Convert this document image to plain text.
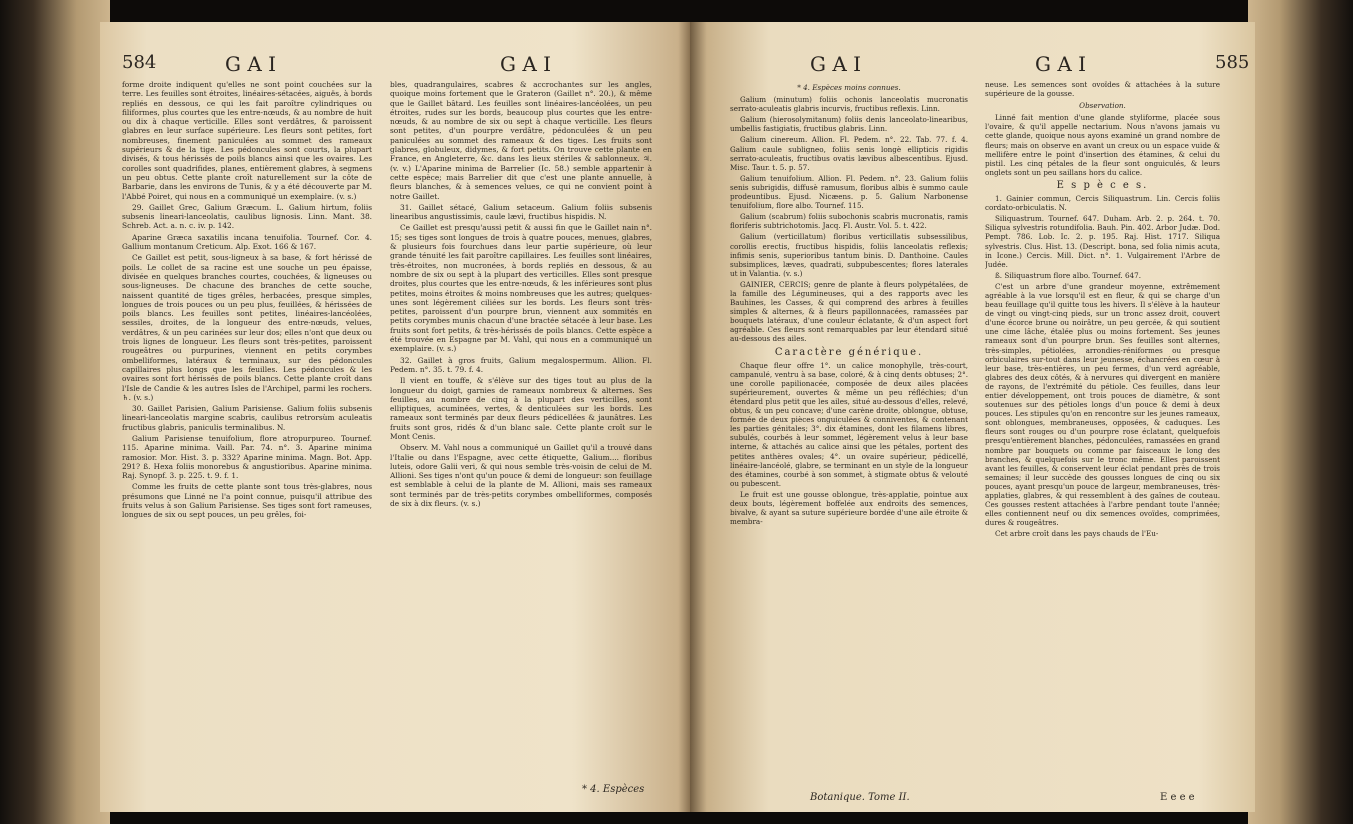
584	G A I	G A I

forme droite indiquent qu'elles ne sont point couchées sur la terre. Les feuilles sont étroites, linéaires-sétacées, aiguës, à bords repliés en dessous, ce qui les fait paroître cylindriques ou filiformes, plus courtes que les entre-nœuds, & au nombre de huit ou dix à chaque verticille. Elles sont verdâtres, & paroissent glabres en leur surface supérieure. Les fleurs sont petites, fort nombreuses, finement paniculées au sommet des rameaux supérieurs & de la tige. Les pédoncules sont courts, la plupart divisés, & tous hérissés de poils blancs ainsi que les ovaires. Les corolles sont quadrifides, planes, entièrement glabres, à segmens un peu obtus. Cette plante croît naturellement sur la côte de Barbarie, dans les environs de Tunis, & y a été découverte par M. l'Abbé Poiret, qui nous en a communiqué un exemplaire. (v. s.)

29. Gaillet Grec, Galium Græcum. L. Galium hirtum, foliis subsenis lineari-lanceolatis, caulibus lignosis. Linn. Mant. 38. Schreb. Act. a. n. c. iv. p. 142.

Aparine Græca saxatilis incana tenuifolia. Tournef. Cor. 4. Gallium montanum Creticum. Alp. Exot. 166 & 167.

Ce Gaillet est petit, sous-ligneux à sa base, & fort hérissé de poils. Le collet de sa racine est une souche un peu épaisse, divisée en quelques branches courtes, couchées, & ligneuses ou sous-ligneuses. De chacune des branches de cette souche, naissent quantité de tiges grêles, herbacées, presque simples, longues de trois pouces ou un peu plus, feuillées, & hérissées de poils blancs. Les feuilles sont petites, linéaires-lancéolées, sessiles, droites, de la longueur des entre-nœuds, velues, verdâtres, & un peu carinées sur leur dos; elles n'ont que deux ou trois lignes de longueur. Les fleurs sont très-petites, paroissent rougeâtres ou purpurines, viennent en petits corymbes ombelliformes, latéraux & terminaux, sur des pédoncules capillaires plus longs que les feuilles. Les pédoncules & les ovaires sont fort hérissés de poils blancs. Cette plante croît dans l'Isle de Candie & les autres Isles de l'Archipel, parmi les rochers. ♄. (v. s.)

30. Gaillet Parisien, Galium Parisiense. Galium foliis subsenis lineari-lanceolatis margine scabris, caulibus retrorsùm aculeatis fructibus glabris, paniculis terminalibus. N.

Galium Parisiense tenuifolium, flore atropurpureo. Tournef. 115. Aparine minima. Vaill. Par. 74. n°. 3. Aparine minima ramosior. Mor. Hist. 3. p. 332? Aparine minima. Magn. Bot. App. 291? ß. Hexa foliis monorebus & angustioribus. Aparine minima. Raj. Synopf. 3. p. 225. t. 9. f. 1.

Comme les fruits de cette plante sont tous très-glabres, nous présumons que Linné ne l'a point connue, puisqu'il attribue des fruits velus à son Galium Parisiense. Ses tiges sont fort rameuses, longues de six ou sept pouces, un peu grêles, foi-

bles, quadrangulaires, scabres & accrochantes sur les angles, quoique moins fortement que le Grateron (Gaillet n°. 20.), & même que le Gaillet bâtard. Les feuilles sont linéaires-lancéolées, un peu étroites, rudes sur les bords, beaucoup plus courtes que les entre-nœuds, & au nombre de six ou sept à chaque verticille. Les fleurs sont petites, d'un pourpre verdâtre, pédonculées & un peu paniculées au sommet des rameaux & des tiges. Les fruits sont glabres, globuleux, didymes, & fort petits. On trouve cette plante en France, en Angleterre, &c. dans les lieux stériles & sablonneux. ♃. (v. v.) L'Aparine minima de Barrelier (Ic. 58.) semble appartenir à cette espèce; mais Barrelier dit que c'est une plante annuelle, à fleurs blanches, & à semences velues, ce qui ne convient point à notre Gaillet.

31. Gaillet sétacé, Galium setaceum. Galium foliis subsenis linearibus angustissimis, caule lævi, fructibus hispidis. N.

Ce Gaillet est presqu'aussi petit & aussi fin que le Gaillet nain n°. 15; ses tiges sont longues de trois à quatre pouces, menues, glabres, & plusieurs fois fourchues dans leur partie supérieure, où leur grande ténuité les fait paroître capillaires. Les feuilles sont linéaires, très-étroites, non mucronées, à bords repliés en dessous, & au nombre de six ou sept à la plupart des verticilles. Elles sont presque droites, plus courtes que les entre-nœuds, & les inférieures sont plus petites, moins étroites & moins nombreuses que les autres; quelques-unes sont légèrement ciliées sur les bords. Les fleurs sont très-petites, paroissent d'un pourpre brun, viennent aux sommités en petits corymbes munis chacun d'une bractée sétacée à leur base. Les fruits sont fort petits, & très-hérissés de poils blancs. Cette espèce a été trouvée en Espagne par M. Vahl, qui nous en a communiqué un exemplaire. (v. s.)

32. Gaillet à gros fruits, Galium megalospermum. Allion. Fl. Pedem. n°. 35. t. 79. f. 4.

Il vient en touffe, & s'élève sur des tiges tout au plus de la longueur du doigt, garnies de rameaux nombreux & alternes. Ses feuilles, au nombre de cinq à la plupart des verticilles, sont elliptiques, acuminées, vertes, & denticulées sur les bords. Les rameaux sont terminés par deux fleurs pédicellées & jaunâtres. Les fruits sont gros, ridés & d'un blanc sale. Cette plante croît sur le Mont Cenis.

Observ. M. Vahl nous a communiqué un Gaillet qu'il a trouvé dans l'Italie ou dans l'Espagne, avec cette étiquette, Galium.... floribus luteis, odore Galii veri, & qui nous semble très-voisin de celui de M. Allioni. Ses tiges n'ont qu'un pouce & demi de longueur: son feuillage est semblable à celui de la plante de M. Allioni, mais ses rameaux sont terminés par de très-petits corymbes ombelliformes, composés de six à dix fleurs. (v. s.)

* 4. Espèces
G A I	G A I	585

* 4. Espèces moins connues.

Galium (minutum) foliis ochonis lanceolatis mucronatis serrato-aculeatis glabris incurvis, fructibus reflexis. Linn.

Galium (hierosolymitanum) foliis denis lanceolato-linearibus, umbellis fastigiatis, fructibus glabris. Linn.

Galium cinereum. Allion. Fl. Pedem. n°. 22. Tab. 77. f. 4. Galium caule subligneo, foliis senis longè ellipticis rigidis serrato-aculeatis, fructibus ovatis lævibus albescentibus. Ejusd. Misc. Taur. t. 5. p. 57.

Galium tenuifolium. Allion. Fl. Pedem. n°. 23. Galium foliis senis subrigidis, diffusè ramusum, floribus albis è summo caule prodeuntibus. Ejusd. Nicæens. p. 5. Galium Narbonense tenuifolium, flore albo. Tournef. 115.

Galium (scabrum) foliis subochonis scabris mucronatis, ramis floriferis subtrichotomis. Jacq. Fl. Austr. Vol. 5. t. 422.

Galium (verticillatum) floribus verticillatis subsessilibus, corollis erectis, fructibus hispidis, foliis lanceolatis reflexis; infimis senis, superioribus tantum binis. D. Danthoine. Caules subsimplices, læves, quadrati, subpubescentes; flores laterales ut in Valantia. (v. s.)

GAINIER, CERCIS; genre de plante à fleurs polypétalées, de la famille des Légumineuses, qui a des rapports avec les Bauhines, les Casses, & qui comprend des arbres à feuilles simples & alternes, & à fleurs papillonnacées, ramassées par bouquets latéraux, d'une couleur éclatante, & d'un aspect fort agréable. Ces fleurs sont remarquables par leur étendard situé au-dessous des ailes.

Caractère générique.

Chaque fleur offre 1°. un calice monophylle, très-court, campanulé, ventru à sa base, coloré, & à cinq dents obtuses; 2°. une corolle papilionacée, composée de deux ailes placées supérieurement, ouvertes & même un peu réfléchies; d'un étendard plus petit que les ailes, situé au-dessous d'elles, relevé, obtus, & un peu concave; d'une carène droite, oblongue, obtuse, formée de deux pièces onguiculées & conniventes, & contenant les parties génitales; 3°. dix étamines, dont les filamens libres, subulés, courbés à leur sommet, légèrement velus à leur base interne, & attachés au calice ainsi que les pétales, portent des petites anthères ovales; 4°. un ovaire supérieur, pédicellé, linéaire-lancéolé, glabre, se terminant en un style de la longueur des étamines, courbé à son sommet, à stigmate obtus & velouté ou pubescent.

Le fruit est une gousse oblongue, très-applatie, pointue aux deux bouts, légèrement boffelée aux endroits des semences, bivalve, & ayant sa suture supérieure bordée d'une aile étroite & membra-

Botanique. Tome II.

neuse. Les semences sont ovoïdes & attachées à la suture supérieure de la gousse.

Observation.

Linné fait mention d'une glande styliforme, placée sous l'ovaire, & qu'il appelle nectarium. Nous n'avons jamais vu cette glande, quoique nous ayons examiné un grand nombre de fleurs; mais on observe en avant un creux ou un espace vuide & mellifère entre le point d'insertion des étamines, & celui du pistil. Les cinq pétales de la fleur sont onguiculés, & leurs onglets sont un peu saillans hors du calice.

E s p è c e s.

1. Gainier commun, Cercis Siliquastrum. Lin. Cercis foliis cordato-orbiculatis. N.

Siliquastrum. Tournef. 647. Duham. Arb. 2. p. 264. t. 70. Siliqua sylvestris rotundifolia. Bauh. Pin. 402. Arbor Judæ. Dod. Pempt. 786. Lob. Ic. 2. p. 195. Raj. Hist. 1717. Siliqua sylvestris. Clus. Hist. 13. (Descript. bona, sed folia nimis acuta, in Icone.) Cercis. Mill. Dict. n°. 1. Vulgairement l'Arbre de Judée.

ß. Siliquastrum flore albo. Tournef. 647.

C'est un arbre d'une grandeur moyenne, extrêmement agréable à la vue lorsqu'il est en fleur, & qui se charge d'un beau feuillage qu'il quitte tous les hivers. Il s'élève à la hauteur de vingt ou vingt-cinq pieds, sur un tronc assez droit, couvert d'une écorce brune ou noirâtre, un peu gercée, & qui soutient une cime lâche, étalée plus ou moins fortement. Ses jeunes rameaux sont d'un pourpre brun. Ses feuilles sont alternes, très-simples, pétiolées, arrondies-réniformes ou presque orbiculaires sur-tout dans leur jeunesse, échancrées en cœur à leur base, très-entières, un peu fermes, d'un verd agréable, glabres des deux côtés, & à nervures qui divergent en manière de rayons, de l'extrémité du pétiole. Ces feuilles, dans leur entier développement, ont trois pouces de diamètre, & sont soutenues sur des pétioles longs d'un pouce & demi à deux pouces. Les stipules qu'on en rencontre sur les jeunes rameaux, sont oblongues, membraneuses, opposées, & caduques. Les fleurs sont rouges ou d'un pourpre rose éclatant, quelquefois presqu'entièrement blanches, pédonculées, ramassées en grand nombre par bouquets ou comme par faisceaux le long des branches, & quelquefois sur le tronc même. Elles paroissent avant les feuilles, & conservent leur éclat pendant près de trois semaines; il leur succède des gousses longues de cinq ou six pouces, ayant presqu'un pouce de largeur, membraneuses, très-applaties, glabres, & qui ressemblent à des gaînes de couteau. Ces gousses restent attachées à l'arbre pendant toute l'année; elles contiennent neuf ou dix semences ovoïdes, comprimées, dures & rougeâtres.

Cet arbre croît dans les pays chauds de l'Eu-

E e e e
